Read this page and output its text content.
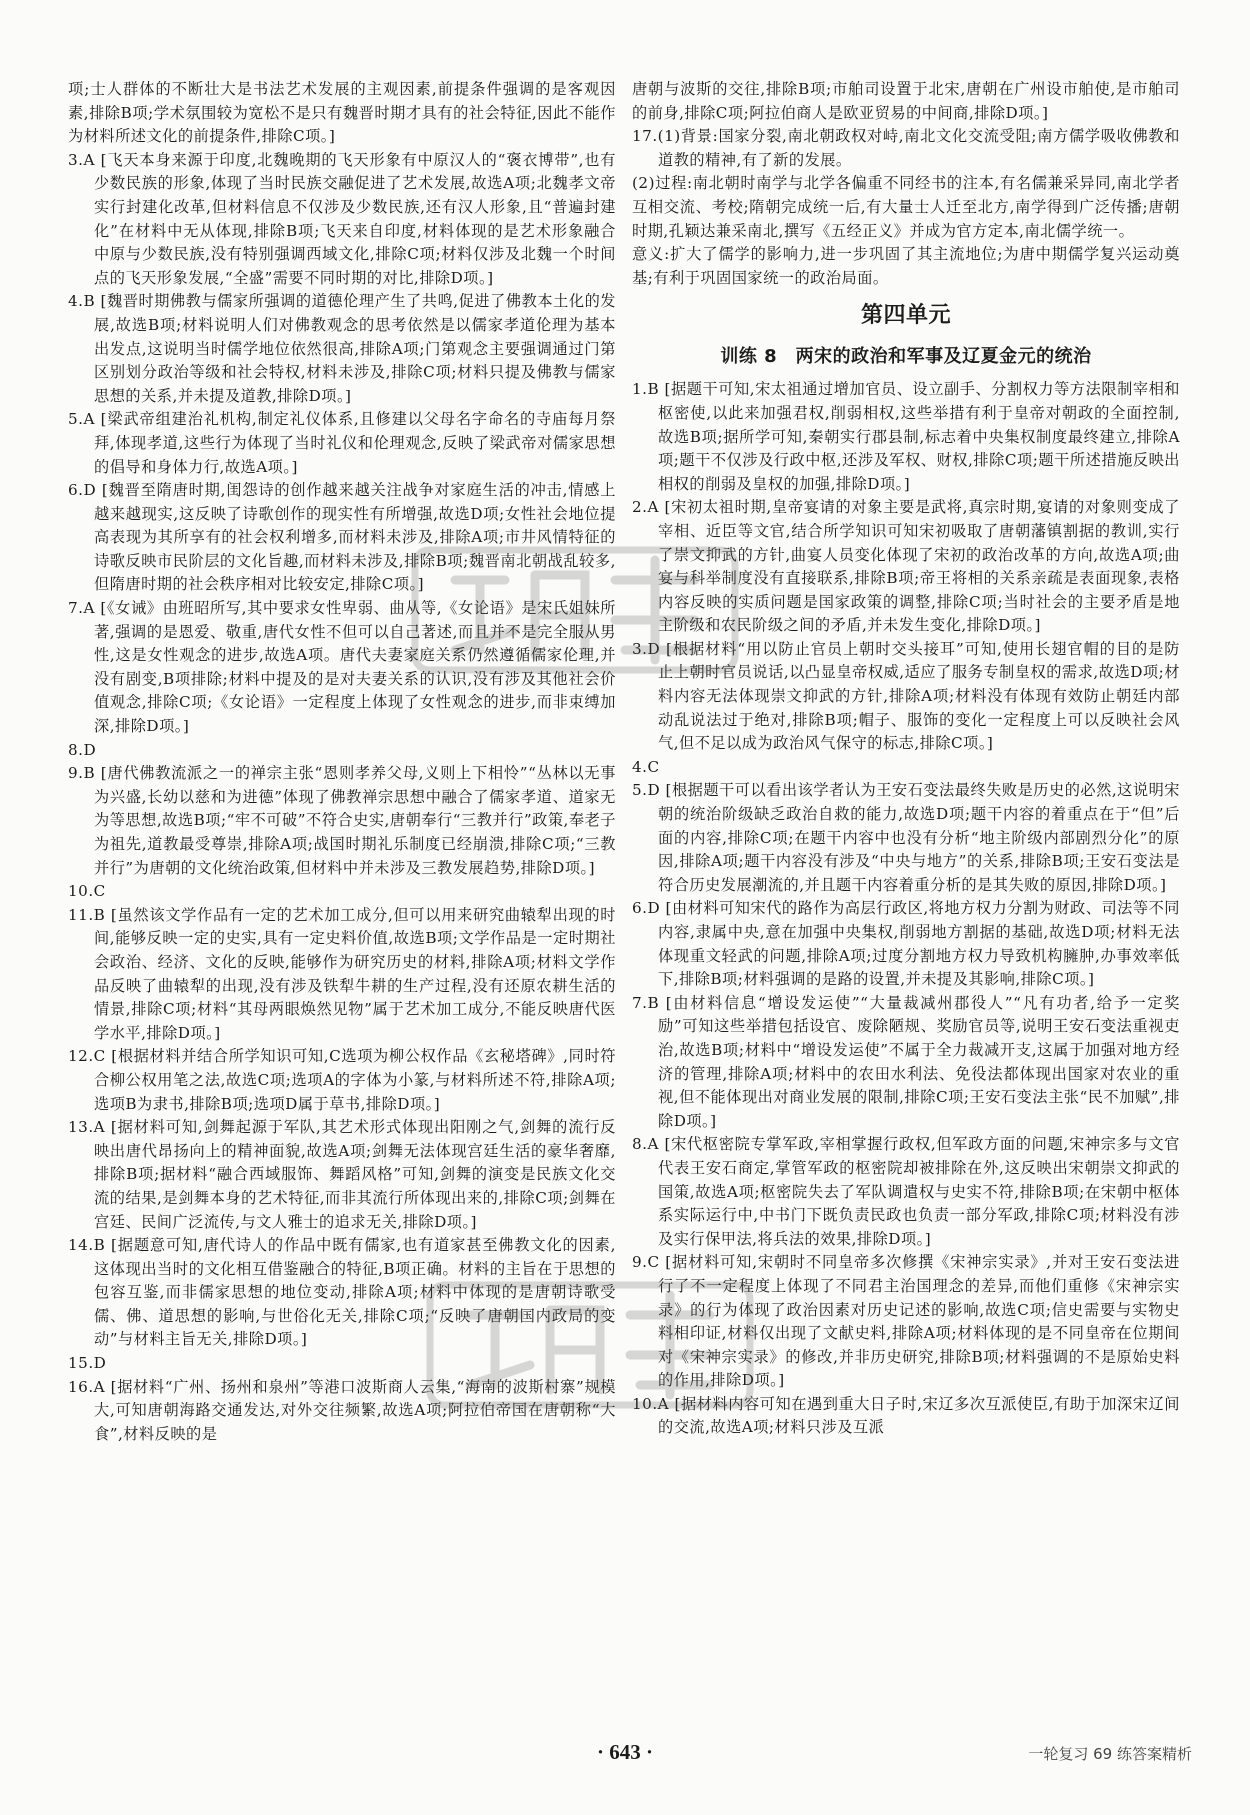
项;士人群体的不断壮大是书法艺术发展的主观因素,前提条件强调的是客观因素,排除B项;学术氛围较为宽松不是只有魏晋时期才具有的社会特征,因此不能作为材料所述文化的前提条件,排除C项。]

3.A [飞天本身来源于印度,北魏晚期的飞天形象有中原汉人的“褒衣博带”,也有少数民族的形象,体现了当时民族交融促进了艺术发展,故选A项;北魏孝文帝实行封建化改革,但材料信息不仅涉及少数民族,还有汉人形象,且“普遍封建化”在材料中无从体现,排除B项;飞天来自印度,材料体现的是艺术形象融合中原与少数民族,没有特别强调西域文化,排除C项;材料仅涉及北魏一个时间点的飞天形象发展,“全盛”需要不同时期的对比,排除D项。]

4.B [魏晋时期佛教与儒家所强调的道德伦理产生了共鸣,促进了佛教本土化的发展,故选B项;材料说明人们对佛教观念的思考依然是以儒家孝道伦理为基本出发点,这说明当时儒学地位依然很高,排除A项;门第观念主要强调通过门第区别划分政治等级和社会特权,材料未涉及,排除C项;材料只提及佛教与儒家思想的关系,并未提及道教,排除D项。]

5.A [梁武帝组建治礼机构,制定礼仪体系,且修建以父母名字命名的寺庙每月祭拜,体现孝道,这些行为体现了当时礼仪和伦理观念,反映了梁武帝对儒家思想的倡导和身体力行,故选A项。]

6.D [魏晋至隋唐时期,闺怨诗的创作越来越关注战争对家庭生活的冲击,情感上越来越现实,这反映了诗歌创作的现实性有所增强,故选D项;女性社会地位提高表现为其所享有的社会权利增多,而材料未涉及,排除A项;市井风情特征的诗歌反映市民阶层的文化旨趣,而材料未涉及,排除B项;魏晋南北朝战乱较多,但隋唐时期的社会秩序相对比较安定,排除C项。]

7.A [《女诫》由班昭所写,其中要求女性卑弱、曲从等,《女论语》是宋氏姐妹所著,强调的是恩爱、敬重,唐代女性不但可以自己著述,而且并不是完全服从男性,这是女性观念的进步,故选A项。唐代夫妻家庭关系仍然遵循儒家伦理,并没有剧变,B项排除;材料中提及的是对夫妻关系的认识,没有涉及其他社会价值观念,排除C项;《女论语》一定程度上体现了女性观念的进步,而非束缚加深,排除D项。]

8.D

9.B [唐代佛教流派之一的禅宗主张“恩则孝养父母,义则上下相怜”“丛林以无事为兴盛,长幼以慈和为进德”体现了佛教禅宗思想中融合了儒家孝道、道家无为等思想,故选B项;“牢不可破”不符合史实,唐朝奉行“三教并行”政策,奉老子为祖先,道教最受尊崇,排除A项;战国时期礼乐制度已经崩溃,排除C项;“三教并行”为唐朝的文化统治政策,但材料中并未涉及三教发展趋势,排除D项。]

10.C

11.B [虽然该文学作品有一定的艺术加工成分,但可以用来研究曲辕犁出现的时间,能够反映一定的史实,具有一定史料价值,故选B项;文学作品是一定时期社会政治、经济、文化的反映,能够作为研究历史的材料,排除A项;材料文学作品反映了曲辕犁的出现,没有涉及铁犁牛耕的生产过程,没有还原农耕生活的情景,排除C项;材料“其母两眼焕然见物”属于艺术加工成分,不能反映唐代医学水平,排除D项。]

12.C [根据材料并结合所学知识可知,C选项为柳公权作品《玄秘塔碑》,同时符合柳公权用笔之法,故选C项;选项A的字体为小篆,与材料所述不符,排除A项;选项B为隶书,排除B项;选项D属于草书,排除D项。]

13.A [据材料可知,剑舞起源于军队,其艺术形式体现出阳刚之气,剑舞的流行反映出唐代昂扬向上的精神面貌,故选A项;剑舞无法体现宫廷生活的豪华奢靡,排除B项;据材料“融合西域服饰、舞蹈风格”可知,剑舞的演变是民族文化交流的结果,是剑舞本身的艺术特征,而非其流行所体现出来的,排除C项;剑舞在宫廷、民间广泛流传,与文人雅士的追求无关,排除D项。]

14.B [据题意可知,唐代诗人的作品中既有儒家,也有道家甚至佛教文化的因素,这体现出当时的文化相互借鉴融合的特征,B项正确。材料的主旨在于思想的包容互鉴,而非儒家思想的地位变动,排除A项;材料中体现的是唐朝诗歌受儒、佛、道思想的影响,与世俗化无关,排除C项;“反映了唐朝国内政局的变动”与材料主旨无关,排除D项。]

15.D

16.A [据材料“广州、扬州和泉州”等港口波斯商人云集,“海南的波斯村寨”规模大,可知唐朝海路交通发达,对外交往频繁,故选A项;阿拉伯帝国在唐朝称“大食”,材料反映的是

唐朝与波斯的交往,排除B项;市舶司设置于北宋,唐朝在广州设市舶使,是市舶司的前身,排除C项;阿拉伯商人是欧亚贸易的中间商,排除D项。]

17.(1)背景:国家分裂,南北朝政权对峙,南北文化交流受阻;南方儒学吸收佛教和道教的精神,有了新的发展。

(2)过程:南北朝时南学与北学各偏重不同经书的注本,有名儒兼采异同,南北学者互相交流、考校;隋朝完成统一后,有大量士人迁至北方,南学得到广泛传播;唐朝时期,孔颖达兼采南北,撰写《五经正义》并成为官方定本,南北儒学统一。

意义:扩大了儒学的影响力,进一步巩固了其主流地位;为唐中期儒学复兴运动奠基;有利于巩固国家统一的政治局面。

第四单元
训练 8　两宋的政治和军事及辽夏金元的统治

1.B [据题干可知,宋太祖通过增加官员、设立副手、分割权力等方法限制宰相和枢密使,以此来加强君权,削弱相权,这些举措有利于皇帝对朝政的全面控制,故选B项;据所学可知,秦朝实行郡县制,标志着中央集权制度最终建立,排除A项;题干不仅涉及行政中枢,还涉及军权、财权,排除C项;题干所述措施反映出相权的削弱及皇权的加强,排除D项。]

2.A [宋初太祖时期,皇帝宴请的对象主要是武将,真宗时期,宴请的对象则变成了宰相、近臣等文官,结合所学知识可知宋初吸取了唐朝藩镇割据的教训,实行了崇文抑武的方针,曲宴人员变化体现了宋初的政治改革的方向,故选A项;曲宴与科举制度没有直接联系,排除B项;帝王将相的关系亲疏是表面现象,表格内容反映的实质问题是国家政策的调整,排除C项;当时社会的主要矛盾是地主阶级和农民阶级之间的矛盾,并未发生变化,排除D项。]

3.D [根据材料“用以防止官员上朝时交头接耳”可知,使用长翅官帽的目的是防止上朝时官员说话,以凸显皇帝权威,适应了服务专制皇权的需求,故选D项;材料内容无法体现崇文抑武的方针,排除A项;材料没有体现有效防止朝廷内部动乱说法过于绝对,排除B项;帽子、服饰的变化一定程度上可以反映社会风气,但不足以成为政治风气保守的标志,排除C项。]

4.C

5.D [根据题干可以看出该学者认为王安石变法最终失败是历史的必然,这说明宋朝的统治阶级缺乏政治自救的能力,故选D项;题干内容的着重点在于“但”后面的内容,排除C项;在题干内容中也没有分析“地主阶级内部剧烈分化”的原因,排除A项;题干内容没有涉及“中央与地方”的关系,排除B项;王安石变法是符合历史发展潮流的,并且题干内容着重分析的是其失败的原因,排除D项。]

6.D [由材料可知宋代的路作为高层行政区,将地方权力分割为财政、司法等不同内容,隶属中央,意在加强中央集权,削弱地方割据的基础,故选D项;材料无法体现重文轻武的问题,排除A项;过度分割地方权力导致机构臃肿,办事效率低下,排除B项;材料强调的是路的设置,并未提及其影响,排除C项。]

7.B [由材料信息“增设发运使”“大量裁减州郡役人”“凡有功者,给予一定奖励”可知这些举措包括设官、废除陋规、奖励官员等,说明王安石变法重视吏治,故选B项;材料中“增设发运使”不属于全力裁减开支,这属于加强对地方经济的管理,排除A项;材料中的农田水利法、免役法都体现出国家对农业的重视,但不能体现出对商业发展的限制,排除C项;王安石变法主张“民不加赋”,排除D项。]

8.A [宋代枢密院专掌军政,宰相掌握行政权,但军政方面的问题,宋神宗多与文官代表王安石商定,掌管军政的枢密院却被排除在外,这反映出宋朝崇文抑武的国策,故选A项;枢密院失去了军队调遣权与史实不符,排除B项;在宋朝中枢体系实际运行中,中书门下既负责民政也负责一部分军政,排除C项;材料没有涉及实行保甲法,将兵法的效果,排除D项。]

9.C [据材料可知,宋朝时不同皇帝多次修撰《宋神宗实录》,并对王安石变法进行了不一定程度上体现了不同君主治国理念的差异,而他们重修《宋神宗实录》的行为体现了政治因素对历史记述的影响,故选C项;信史需要与实物史料相印证,材料仅出现了文献史料,排除A项;材料体现的是不同皇帝在位期间对《宋神宗实录》的修改,并非历史研究,排除B项;材料强调的不是原始史料的作用,排除D项。]

10.A [据材料内容可知在遇到重大日子时,宋辽多次互派使臣,有助于加深宋辽间的交流,故选A项;材料只涉及互派

· 643 ·	一轮复习 69 练答案精析
